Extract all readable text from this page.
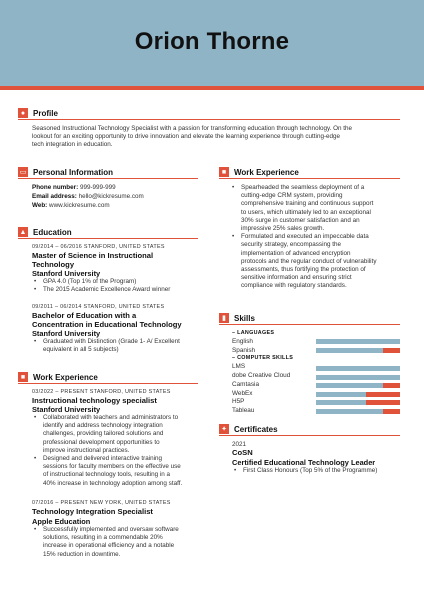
Orion Thorne
● Profile
Seasoned Instructional Technology Specialist with a passion for transforming education through technology. On the
lookout for an exciting opportunity to drive innovation and elevate the learning experience through cutting-edge
tech integration in education.
▭ Personal Information
Phone number: 999-999-999
Email address: hello@kickresume.com
Web: www.kickresume.com
▲ Education
09/2014 – 06/2016 STANFORD, UNITED STATES
Master of Science in Instructional
Technology
Stanford University
• GPA 4.0 (Top 1% of the Program)
• The 2015 Academic Excellence Award winner
09/2011 – 06/2014 STANFORD, UNITED STATES
Bachelor of Education with a
Concentration in Educational Technology
Stanford University
• Graduated with Distinction (Grade 1- A/ Excellent
equivalent in all 5 subjects)
■ Work Experience
03/2022 – PRESENT STANFORD, UNITED STATES
Instructional technology specialist
Stanford University
• Collaborated with teachers and administrators to
identify and address technology integration
challenges, providing tailored solutions and
professional development opportunities to
improve instructional practices.
• Designed and delivered interactive training
sessions for faculty members on the effective use
of instructional technology tools, resulting in a
40% increase in technology adoption among staff.
07/2016 – PRESENT NEW YORK, UNITED STATES
Technology Integration Specialist
Apple Education
• Successfully implemented and oversaw software
solutions, resulting in a commendable 20%
increase in operational efficiency and a notable
15% reduction in downtime.
■ Work Experience
• Spearheaded the seamless deployment of a
cutting-edge CRM system, providing
comprehensive training and continuous support
to users, which ultimately led to an exceptional
30% surge in customer satisfaction and an
impressive 25% sales growth.
• Formulated and executed an impeccable data
security strategy, encompassing the
implementation of advanced encryption
protocols and the regular conduct of vulnerability
assessments, thus fortifying the protection of
sensitive information and ensuring strict
compliance with regulatory standards.
▮ Skills
– LANGUAGES
English
Spanish
– COMPUTER SKILLS
LMS
dobe Creative Cloud
Camtasia
WebEx
H5P
Tableau
✦ Certificates
2021
CoSN
Certified Educational Technology Leader
• First Class Honours (Top 5% of the Programme)
